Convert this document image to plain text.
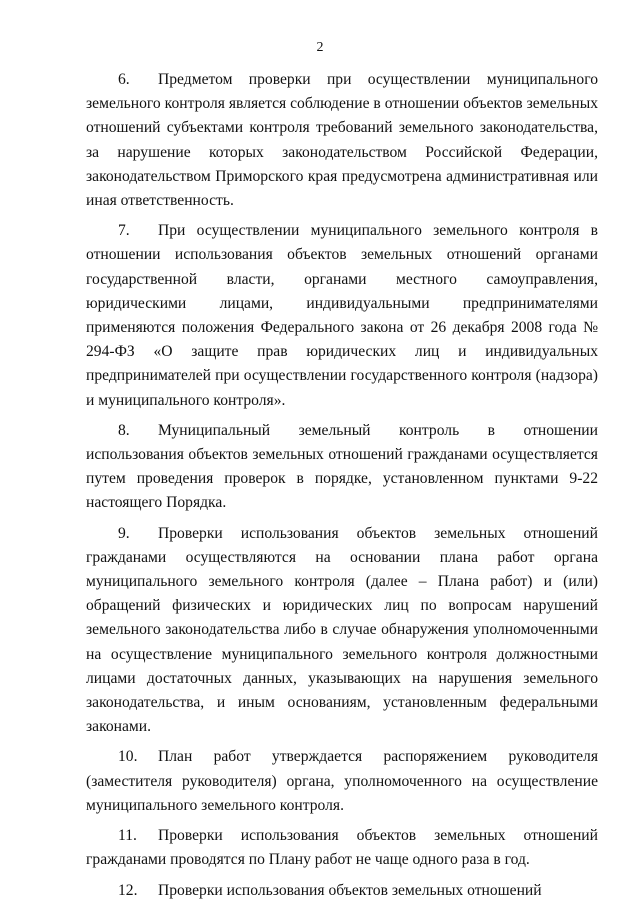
2

6. Предметом проверки при осуществлении муниципального земельного контроля является соблюдение в отношении объектов земельных отношений субъектами контроля требований земельного законодательства, за нарушение которых законодательством Российской Федерации, законодательством Приморского края предусмотрена административная или иная ответственность.

7. При осуществлении муниципального земельного контроля в отношении использования объектов земельных отношений органами государственной власти, органами местного самоуправления, юридическими лицами, индивидуальными предпринимателями применяются положения Федерального закона от 26 декабря 2008 года № 294-ФЗ «О защите прав юридических лиц и индивидуальных предпринимателей при осуществлении государственного контроля (надзора) и муниципального контроля».

8. Муниципальный земельный контроль в отношении использования объектов земельных отношений гражданами осуществляется путем проведения проверок в порядке, установленном пунктами 9-22 настоящего Порядка.

9. Проверки использования объектов земельных отношений гражданами осуществляются на основании плана работ органа муниципального земельного контроля (далее – Плана работ) и (или) обращений физических и юридических лиц по вопросам нарушений земельного законодательства либо в случае обнаружения уполномоченными на осуществление муниципального земельного контроля должностными лицами достаточных данных, указывающих на нарушения земельного законодательства, и иным основаниям, установленным федеральными законами.

10. План работ утверждается распоряжением руководителя (заместителя руководителя) органа, уполномоченного на осуществление муниципального земельного контроля.

11. Проверки использования объектов земельных отношений гражданами проводятся по Плану работ не чаще одного раза в год.

12. Проверки использования объектов земельных отношений
